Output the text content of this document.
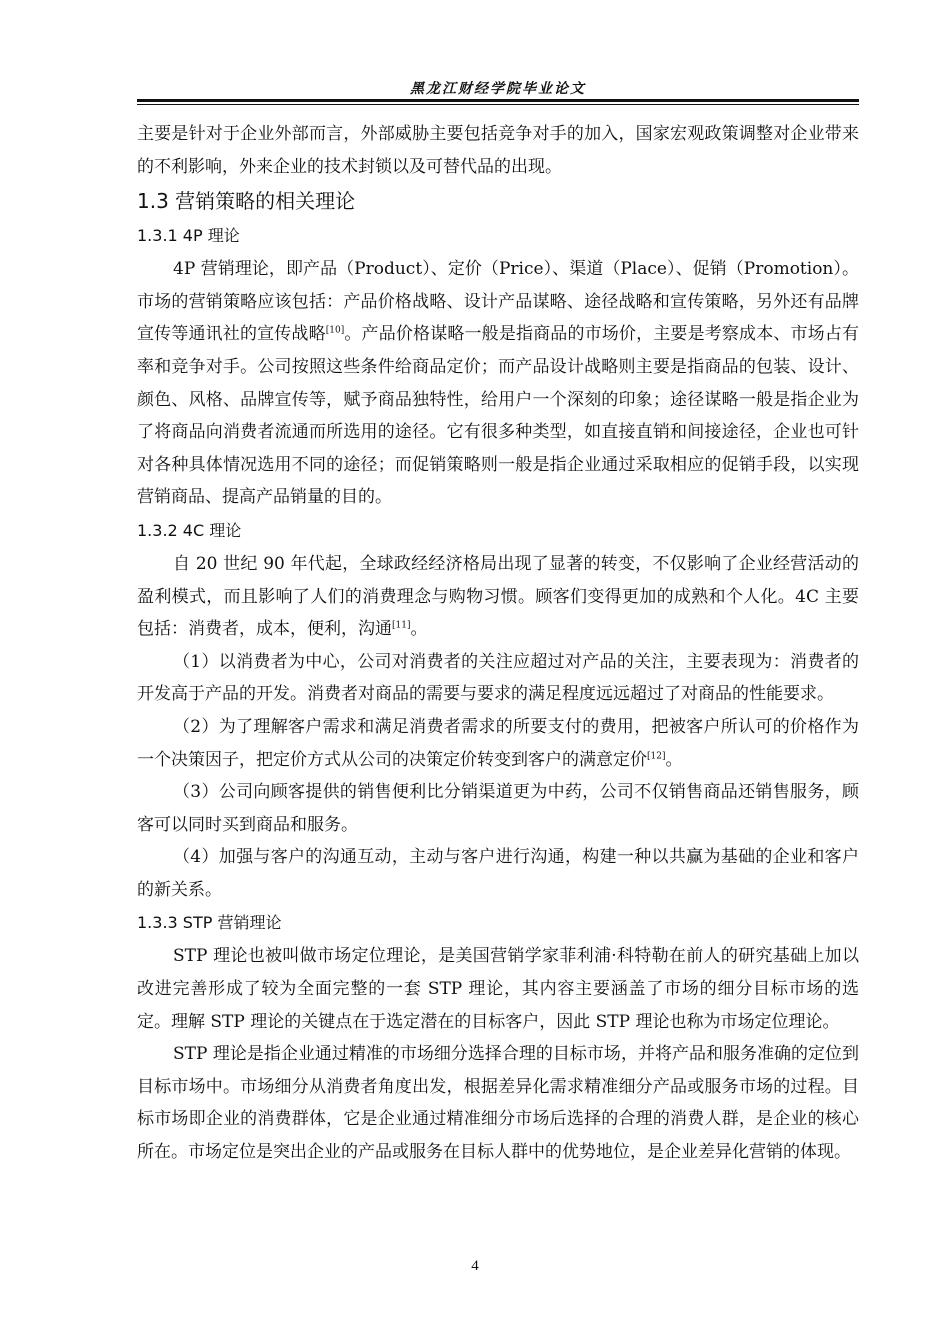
黑龙江财经学院毕业论文

主要是针对于企业外部而言，外部威胁主要包括竞争对手的加入，国家宏观政策调整对企业带来的不利影响，外来企业的技术封锁以及可替代品的出现。

1.3 营销策略的相关理论

1.3.1 4P 理论

4P 营销理论，即产品（Product）、定价（Price）、渠道（Place）、促销（Promotion）。市场的营销策略应该包括：产品价格战略、设计产品谋略、途径战略和宣传策略，另外还有品牌宣传等通讯社的宣传战略[10]。产品价格谋略一般是指商品的市场价，主要是考察成本、市场占有率和竞争对手。公司按照这些条件给商品定价；而产品设计战略则主要是指商品的包装、设计、颜色、风格、品牌宣传等，赋予商品独特性，给用户一个深刻的印象；途径谋略一般是指企业为了将商品向消费者流通而所选用的途径。它有很多种类型，如直接直销和间接途径，企业也可针对各种具体情况选用不同的途径；而促销策略则一般是指企业通过采取相应的促销手段，以实现营销商品、提高产品销量的目的。

1.3.2 4C 理论

自 20 世纪 90 年代起，全球政经经济格局出现了显著的转变，不仅影响了企业经营活动的盈利模式，而且影响了人们的消费理念与购物习惯。顾客们变得更加的成熟和个人化。4C 主要包括：消费者，成本，便利，沟通[11]。

（1）以消费者为中心，公司对消费者的关注应超过对产品的关注，主要表现为：消费者的开发高于产品的开发。消费者对商品的需要与要求的满足程度远远超过了对商品的性能要求。

（2）为了理解客户需求和满足消费者需求的所要支付的费用，把被客户所认可的价格作为一个决策因子，把定价方式从公司的决策定价转变到客户的满意定价[12]。

（3）公司向顾客提供的销售便利比分销渠道更为中药，公司不仅销售商品还销售服务，顾客可以同时买到商品和服务。

（4）加强与客户的沟通互动，主动与客户进行沟通，构建一种以共赢为基础的企业和客户的新关系。

1.3.3 STP 营销理论

STP 理论也被叫做市场定位理论，是美国营销学家菲利浦·科特勒在前人的研究基础上加以改进完善形成了较为全面完整的一套 STP 理论，其内容主要涵盖了市场的细分目标市场的选定。理解 STP 理论的关键点在于选定潜在的目标客户，因此 STP 理论也称为市场定位理论。

STP 理论是指企业通过精准的市场细分选择合理的目标市场，并将产品和服务准确的定位到目标市场中。市场细分从消费者角度出发，根据差异化需求精准细分产品或服务市场的过程。目标市场即企业的消费群体，它是企业通过精准细分市场后选择的合理的消费人群，是企业的核心所在。市场定位是突出企业的产品或服务在目标人群中的优势地位，是企业差异化营销的体现。

4
